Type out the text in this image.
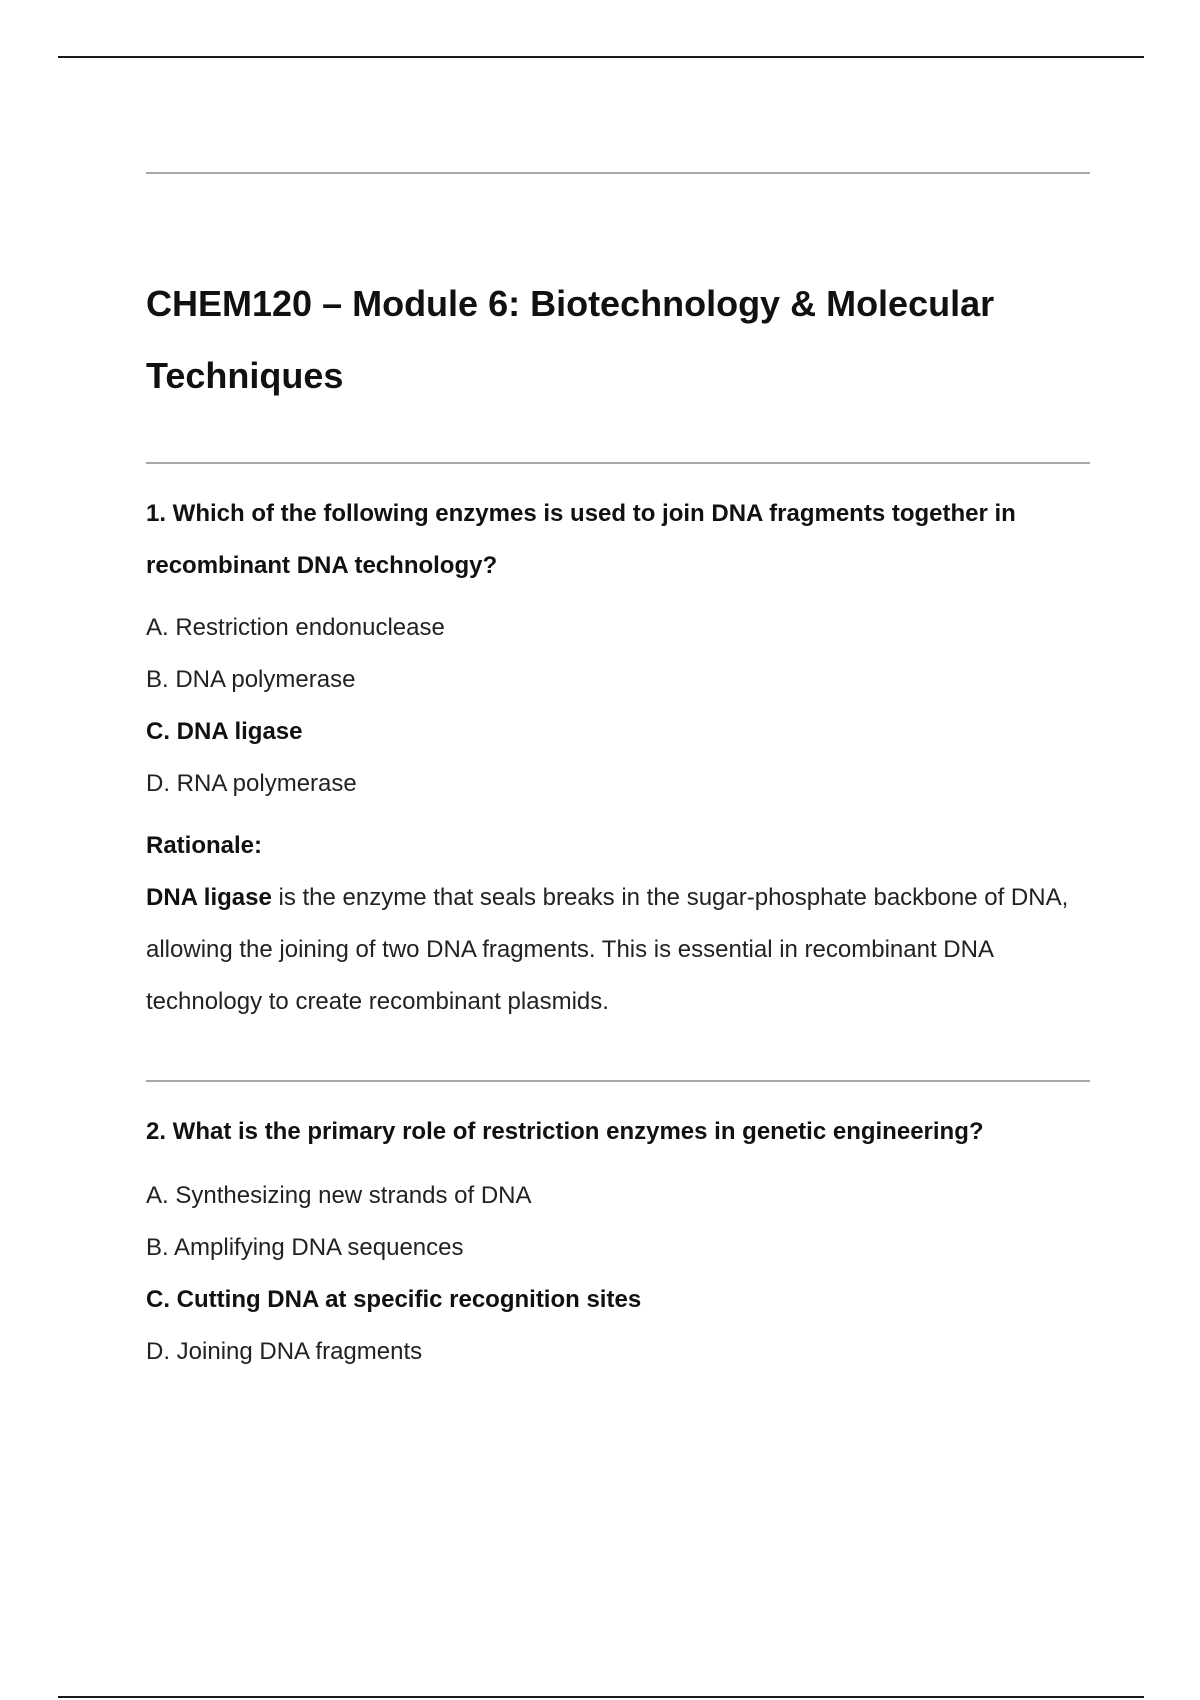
CHEM120 – Module 6: Biotechnology & Molecular Techniques

1. Which of the following enzymes is used to join DNA fragments together in recombinant DNA technology?

A. Restriction endonuclease

B. DNA polymerase

C. DNA ligase

D. RNA polymerase

Rationale:

DNA ligase is the enzyme that seals breaks in the sugar-phosphate backbone of DNA, allowing the joining of two DNA fragments. This is essential in recombinant DNA technology to create recombinant plasmids.

2. What is the primary role of restriction enzymes in genetic engineering?

A. Synthesizing new strands of DNA

B. Amplifying DNA sequences

C. Cutting DNA at specific recognition sites

D. Joining DNA fragments
